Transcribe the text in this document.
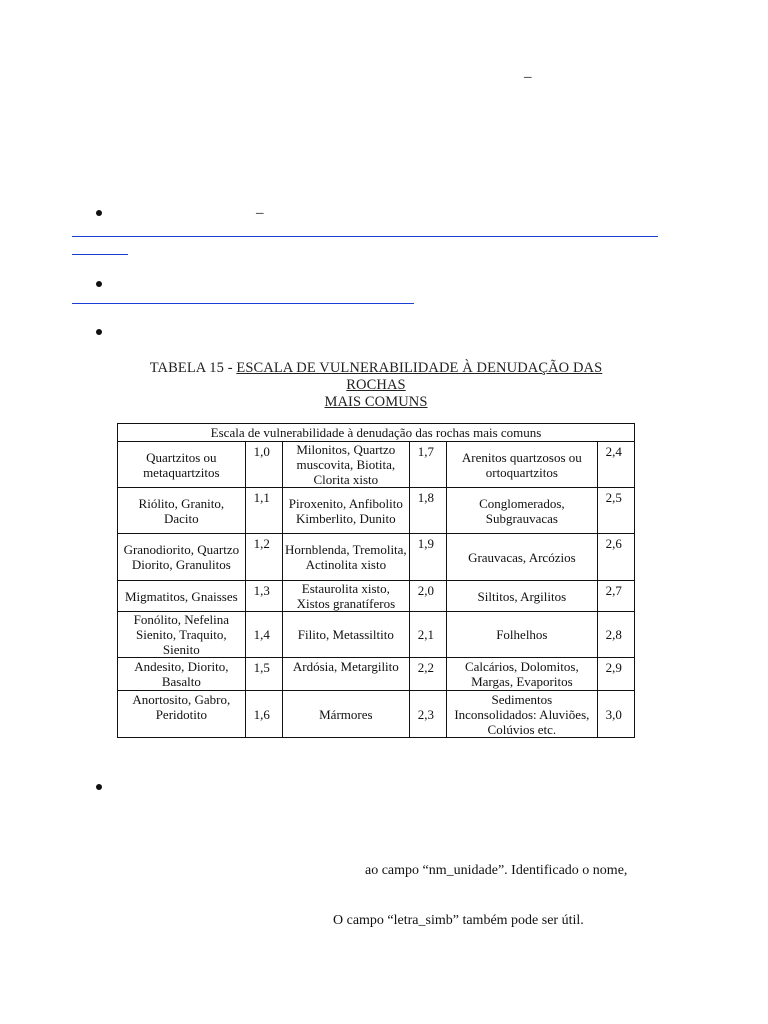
–
–
TABELA 15 - ESCALA DE VULNERABILIDADE À DENUDAÇÃO DAS ROCHAS
MAIS COMUNS
Escala de vulnerabilidade à denudação das rochas mais comuns					
Quartzitos ou metaquartzitos	1,0	Milonitos, Quartzo muscovita, Biotita, Clorita xisto	1,7	Arenitos quartzosos ou ortoquartzitos	2,4
Riólito, Granito, Dacito	1,1	Piroxenito, Anfibolito Kimberlito, Dunito	1,8	Conglomerados, Subgrauvacas	2,5
Granodiorito, Quartzo Diorito, Granulitos	1,2	Hornblenda, Tremolita, Actinolita xisto	1,9	Grauvacas, Arcózios	2,6
Migmatitos, Gnaisses	1,3	Estaurolita xisto, Xistos granatíferos	2,0	Siltitos, Argilitos	2,7
Fonólito, Nefelina Sienito, Traquito, Sienito	1,4	Filito, Metassiltito	2,1	Folhelhos	2,8
Andesito, Diorito, Basalto	1,5	Ardósia, Metargilito	2,2	Calcários, Dolomitos, Margas, Evaporitos	2,9
Anortosito, Gabro, Peridotito	1,6	Mármores	2,3	Sedimentos Inconsolidados: Aluviões, Colúvios etc.	3,0
ao campo “nm_unidade”. Identificado o nome,
O campo “letra_simb” também pode ser útil.
